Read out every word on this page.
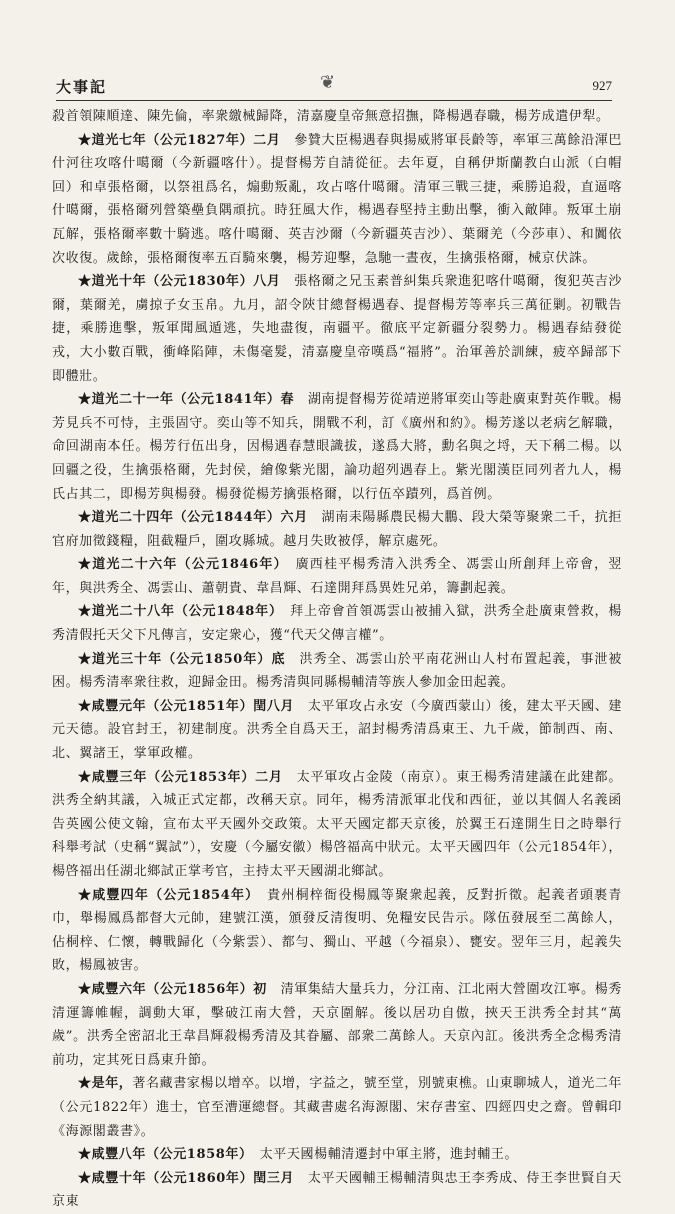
大事記	❦	927

殺首領陳順達、陳先倫，率衆繳械歸降，清嘉慶皇帝無意招撫，降楊遇春職，楊芳成遣伊犁。

★道光七年（公元1827年）二月　參贊大臣楊遇春與揚威將軍長齡等，率軍三萬餘沿渾巴什河往攻喀什噶爾（今新疆喀什）。提督楊芳自請從征。去年夏，自稱伊斯蘭教白山派（白帽回）和卓張格爾，以祭祖爲名，煽動叛亂，攻占喀什噶爾。清軍三戰三捷，乘勝追殺，直逼喀什噶爾，張格爾列營築壘負隅頑抗。時狂風大作，楊遇春堅持主動出擊，衝入敵陣。叛軍土崩瓦解，張格爾率數十騎逃。喀什噶爾、英吉沙爾（今新疆英吉沙）、葉爾羌（今莎車）、和闐依次收復。歲餘，張格爾復率五百騎來襲，楊芳迎擊，急馳一晝夜，生擒張格爾，械京伏誅。

★道光十年（公元1830年）八月　張格爾之兄玉素普糾集兵衆進犯喀什噶爾，復犯英吉沙爾，葉爾羌，虜掠子女玉帛。九月，詔令陝甘總督楊遇春、提督楊芳等率兵三萬征剿。初戰告捷，乘勝進擊，叛軍聞風遁逃，失地盡復，南疆平。徹底平定新疆分裂勢力。楊遇春結發從戎，大小數百戰，衝峰陷陣，未傷毫髮，清嘉慶皇帝嘆爲“福將”。治軍善於訓練，疲卒歸部下即體壯。

★道光二十一年（公元1841年）春　湖南提督楊芳從靖逆將軍奕山等赴廣東對英作戰。楊芳見兵不可恃，主張固守。奕山等不知兵，開戰不利，訂《廣州和約》。楊芳遂以老病乞解職，命回湖南本任。楊芳行伍出身，因楊遇春慧眼識拔，遂爲大將，勳名與之埒，天下稱二楊。以回疆之役，生擒張格爾，先封侯，繪像紫光閣，論功超列遇春上。紫光閣漢臣同列者九人，楊氏占其二，即楊芳與楊發。楊發從楊芳擒張格爾，以行伍卒蹟列，爲首例。

★道光二十四年（公元1844年）六月　湖南耒陽縣農民楊大鵬、段大榮等聚衆二千，抗拒官府加徵錢糧，阻截糧戶，圍攻縣城。越月失敗被俘，解京處死。

★道光二十六年（公元1846年）　廣西桂平楊秀清入洪秀全、馮雲山所創拜上帝會，翌年，與洪秀全、馮雲山、蕭朝貴、韋昌輝、石達開拜爲異姓兄弟，籌劃起義。

★道光二十八年（公元1848年）　拜上帝會首領馮雲山被捕入獄，洪秀全赴廣東營救，楊秀清假托天父下凡傳言，安定衆心，獲“代天父傳言權”。

★道光三十年（公元1850年）底　洪秀全、馮雲山於平南花洲山人村布置起義，事泄被困。楊秀清率衆往救，迎歸金田。楊秀清與同縣楊輔清等族人參加金田起義。

★咸豐元年（公元1851年）閏八月　太平軍攻占永安（今廣西蒙山）後，建太平天國、建元天德。設官封王，初建制度。洪秀全自爲天王，詔封楊秀清爲東王、九千歲，節制西、南、北、翼諸王，掌軍政權。

★咸豐三年（公元1853年）二月　太平軍攻占金陵（南京）。東王楊秀清建議在此建都。洪秀全納其議，入城正式定都，改稱天京。同年，楊秀清派軍北伐和西征，並以其個人名義函告英國公使文翰，宣布太平天國外交政策。太平天國定都天京後，於翼王石達開生日之時舉行科舉考試（史稱“翼試”），安慶（今屬安徽）楊啓福高中狀元。太平天國四年（公元1854年），楊啓福出任湖北鄉試正掌考官，主持太平天國湖北鄉試。

★咸豐四年（公元1854年）　貴州桐梓衙役楊鳳等聚衆起義，反對折徵。起義者頭裹青巾，舉楊鳳爲都督大元帥，建號江漢，頒發反清復明、免糧安民告示。隊伍發展至二萬餘人，佔桐梓、仁懷，轉戰歸化（今紫雲）、都勻、獨山、平越（今福泉）、甕安。翌年三月，起義失敗，楊鳳被害。

★咸豐六年（公元1856年）初　清軍集結大量兵力，分江南、江北兩大營圍攻江寧。楊秀清運籌帷幄，調動大軍，擊破江南大營，天京圍解。後以居功自傲，挾天王洪秀全封其“萬歲”。洪秀全密詔北王韋昌輝殺楊秀清及其眷屬、部衆二萬餘人。天京內訌。後洪秀全念楊秀清前功，定其死日爲東升節。

★是年，著名藏書家楊以增卒。以增，字益之，號至堂，別號東樵。山東聊城人，道光二年（公元1822年）進士，官至漕運總督。其藏書處名海源閣、宋存書室、四經四史之齋。曾輯印《海源閣叢書》。

★咸豐八年（公元1858年）　太平天國楊輔清遷封中軍主將，進封輔王。

★咸豐十年（公元1860年）閏三月　太平天國輔王楊輔清與忠王李秀成、侍王李世賢自天京東
